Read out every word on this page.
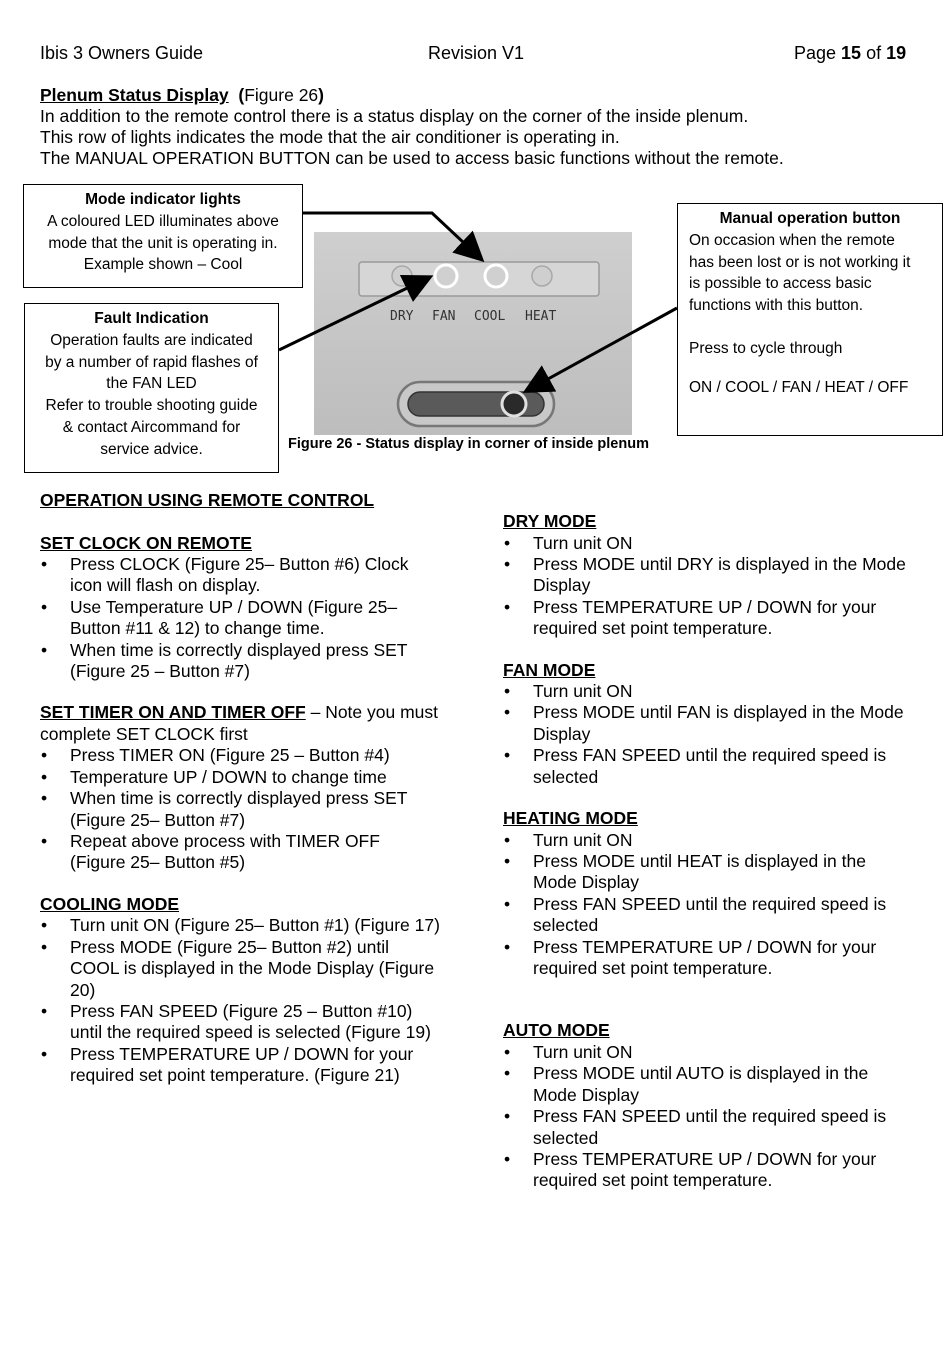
Ibis 3 Owners Guide	Revision V1	Page 15 of 19
Plenum Status Display (Figure 26)
In addition to the remote control there is a status display on the corner of the inside plenum.
This row of lights indicates the mode that the air conditioner is operating in.
The MANUAL OPERATION BUTTON can be used to access basic functions without the remote.
DRY FAN COOL HEAT
Figure 26 - Status display in corner of inside plenum
Mode indicator lights
A coloured LED illuminates above
mode that the unit is operating in.
Example shown – Cool
Fault Indication
Operation faults are indicated
by a number of rapid flashes of
the FAN LED
Refer to trouble shooting guide
& contact Aircommand for
service advice.
Manual operation button
On occasion when the remote
has been lost or is not working it
is possible to access basic
functions with this button.
Press to cycle through
ON / COOL / FAN / HEAT / OFF
OPERATION USING REMOTE CONTROL
SET CLOCK ON REMOTE
• Press CLOCK (Figure 25– Button #6) Clock icon will flash on display.
• Use Temperature UP / DOWN (Figure 25– Button #11 & 12) to change time.
• When time is correctly displayed press SET (Figure 25 – Button #7)
SET TIMER ON AND TIMER OFF – Note you must complete SET CLOCK first
• Press TIMER ON (Figure 25 – Button #4)
• Temperature UP / DOWN to change time
• When time is correctly displayed press SET (Figure 25– Button #7)
• Repeat above process with TIMER OFF (Figure 25– Button #5)
COOLING MODE
• Turn unit ON (Figure 25– Button #1) (Figure 17)
• Press MODE (Figure 25– Button #2) until COOL is displayed in the Mode Display (Figure 20)
• Press FAN SPEED (Figure 25 – Button #10) until the required speed is selected (Figure 19)
• Press TEMPERATURE UP / DOWN for your required set point temperature. (Figure 21)
DRY MODE
• Turn unit ON
• Press MODE until DRY is displayed in the Mode Display
• Press TEMPERATURE UP / DOWN for your required set point temperature.
FAN MODE
• Turn unit ON
• Press MODE until FAN is displayed in the Mode Display
• Press FAN SPEED until the required speed is selected
HEATING MODE
• Turn unit ON
• Press MODE until HEAT is displayed in the Mode Display
• Press FAN SPEED until the required speed is selected
• Press TEMPERATURE UP / DOWN for your required set point temperature.
AUTO MODE
• Turn unit ON
• Press MODE until AUTO is displayed in the Mode Display
• Press FAN SPEED until the required speed is selected
• Press TEMPERATURE UP / DOWN for your required set point temperature.
